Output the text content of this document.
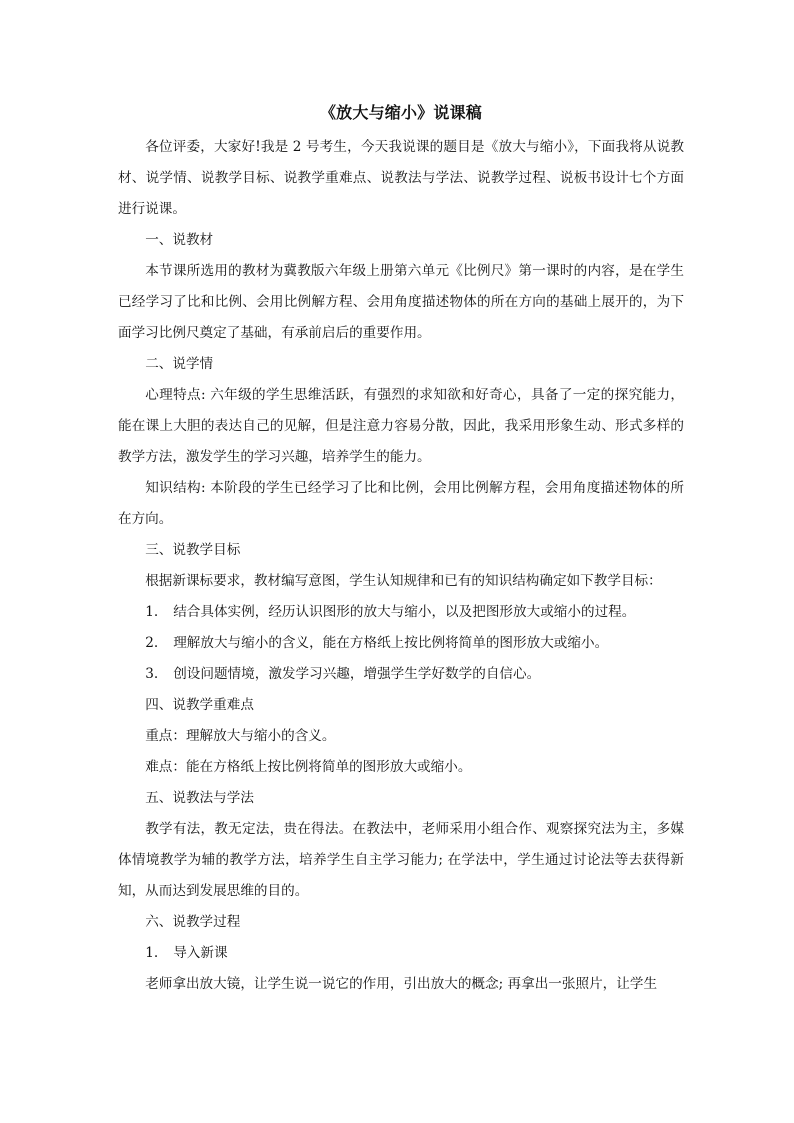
《放大与缩小》说课稿

各位评委，大家好!我是 2 号考生，今天我说课的题目是《放大与缩小》，下面我将从说教材、说学情、说教学目标、说教学重难点、说教法与学法、说教学过程、说板书设计七个方面进行说课。

一、说教材

本节课所选用的教材为冀教版六年级上册第六单元《比例尺》第一课时的内容，是在学生已经学习了比和比例、会用比例解方程、会用角度描述物体的所在方向的基础上展开的，为下面学习比例尺奠定了基础，有承前启后的重要作用。

二、说学情

心理特点: 六年级的学生思维活跃，有强烈的求知欲和好奇心，具备了一定的探究能力，能在课上大胆的表达自己的见解，但是注意力容易分散，因此，我采用形象生动、形式多样的教学方法，激发学生的学习兴趣，培养学生的能力。

知识结构: 本阶段的学生已经学习了比和比例，会用比例解方程，会用角度描述物体的所在方向。

三、说教学目标

根据新课标要求，教材编写意图，学生认知规律和已有的知识结构确定如下教学目标：

1. 结合具体实例，经历认识图形的放大与缩小，以及把图形放大或缩小的过程。

2. 理解放大与缩小的含义，能在方格纸上按比例将简单的图形放大或缩小。

3. 创设问题情境，激发学习兴趣，增强学生学好数学的自信心。

四、说教学重难点

重点：理解放大与缩小的含义。

难点：能在方格纸上按比例将简单的图形放大或缩小。

五、说教法与学法

教学有法，教无定法，贵在得法。在教法中，老师采用小组合作、观察探究法为主，多媒体情境教学为辅的教学方法，培养学生自主学习能力; 在学法中，学生通过讨论法等去获得新知，从而达到发展思维的目的。

六、说教学过程

1. 导入新课

老师拿出放大镜，让学生说一说它的作用，引出放大的概念; 再拿出一张照片，让学生
